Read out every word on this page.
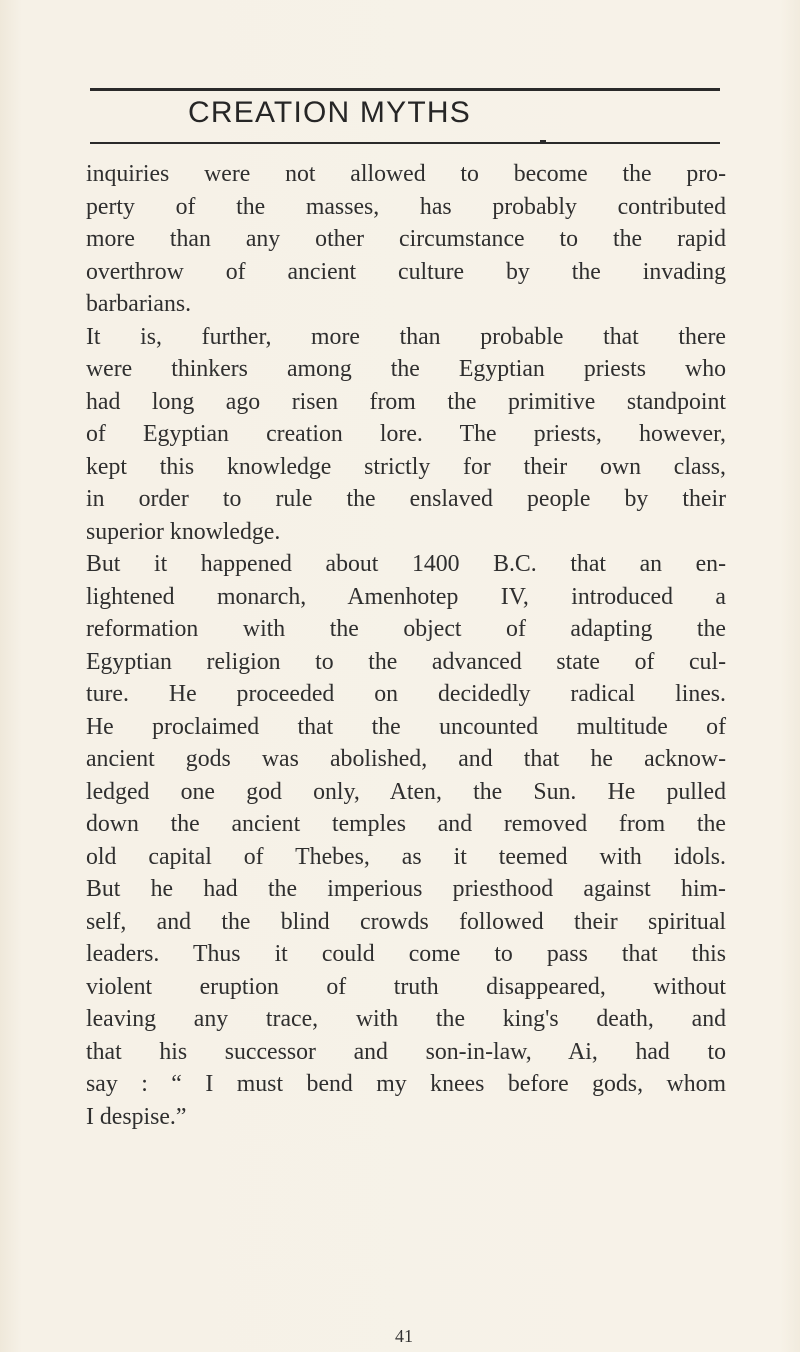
CREATION MYTHS
inquiries were not allowed to become the pro-
perty of the masses, has probably contributed
more than any other circumstance to the rapid
overthrow of ancient culture by the invading
barbarians.
It is, further, more than probable that there
were thinkers among the Egyptian priests who
had long ago risen from the primitive standpoint
of Egyptian creation lore. The priests, however,
kept this knowledge strictly for their own class,
in order to rule the enslaved people by their
superior knowledge.
But it happened about 1400 B.C. that an en-
lightened monarch, Amenhotep IV, introduced a
reformation with the object of adapting the
Egyptian religion to the advanced state of cul-
ture. He proceeded on decidedly radical lines.
He proclaimed that the uncounted multitude of
ancient gods was abolished, and that he acknow-
ledged one god only, Aten, the Sun. He pulled
down the ancient temples and removed from the
old capital of Thebes, as it teemed with idols.
But he had the imperious priesthood against him-
self, and the blind crowds followed their spiritual
leaders. Thus it could come to pass that this
violent eruption of truth disappeared, without
leaving any trace, with the king's death, and
that his successor and son-in-law, Ai, had to
say : “ I must bend my knees before gods, whom
I despise.”
41
